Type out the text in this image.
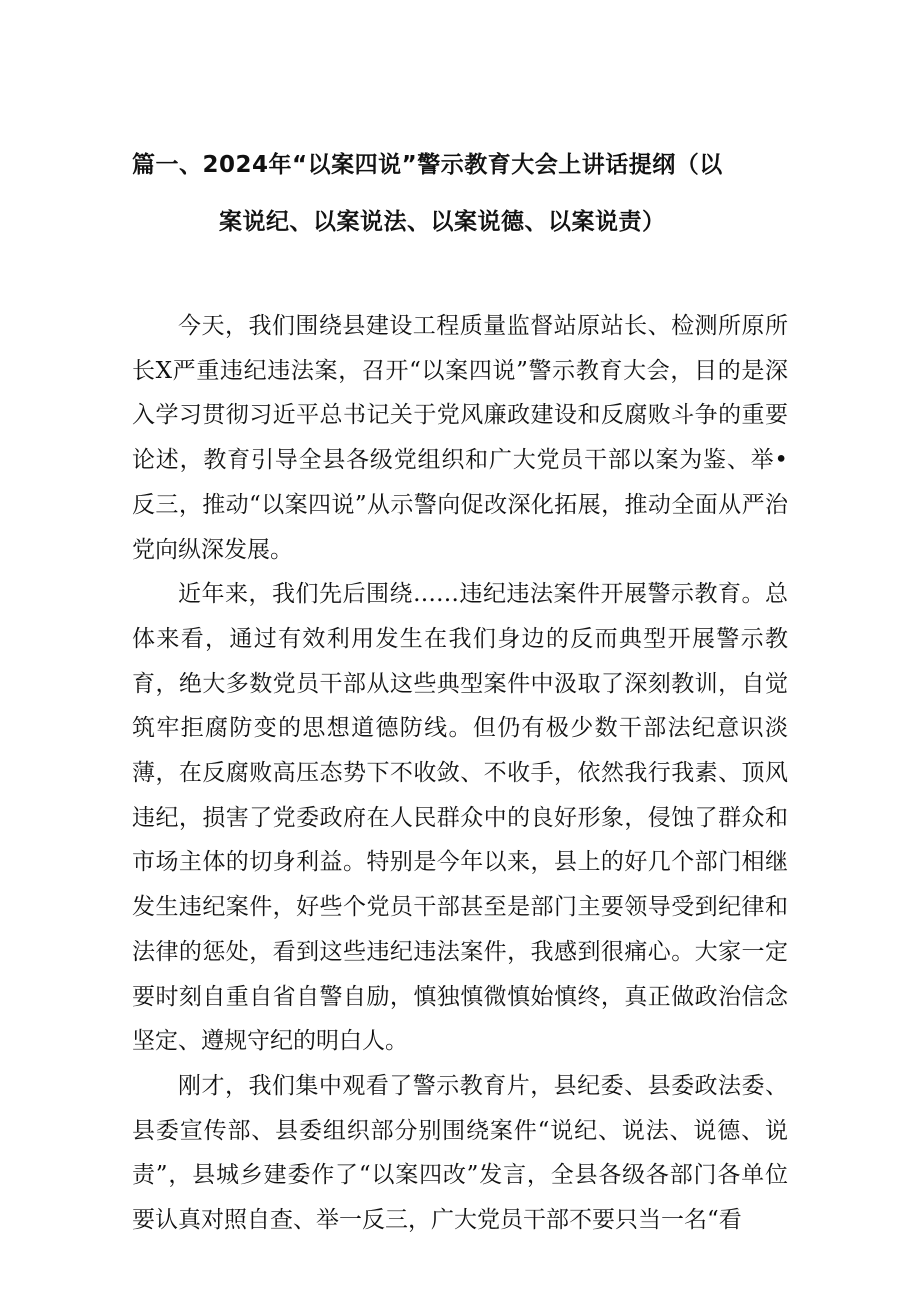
篇一、2024年“以案四说”警示教育大会上讲话提纲（以
案说纪、以案说法、以案说德、以案说责）

今天，我们围绕县建设工程质量监督站原站长、检测所原所长X严重违纪违法案，召开“以案四说”警示教育大会，目的是深入学习贯彻习近平总书记关于党风廉政建设和反腐败斗争的重要论述，教育引导全县各级党组织和广大党员干部以案为鉴、举•反三，推动“以案四说”从示警向促改深化拓展，推动全面从严治党向纵深发展。

近年来，我们先后围绕……违纪违法案件开展警示教育。总体来看，通过有效利用发生在我们身边的反而典型开展警示教育，绝大多数党员干部从这些典型案件中汲取了深刻教训，自觉筑牢拒腐防变的思想道德防线。但仍有极少数干部法纪意识淡薄，在反腐败高压态势下不收敛、不收手，依然我行我素、顶风违纪，损害了党委政府在人民群众中的良好形象，侵蚀了群众和市场主体的切身利益。特别是今年以来，县上的好几个部门相继发生违纪案件，好些个党员干部甚至是部门主要领导受到纪律和法律的惩处，看到这些违纪违法案件，我感到很痛心。大家一定要时刻自重自省自警自励，慎独慎微慎始慎终，真正做政治信念坚定、遵规守纪的明白人。

刚才，我们集中观看了警示教育片，县纪委、县委政法委、县委宣传部、县委组织部分别围绕案件“说纪、说法、说德、说责”，县城乡建委作了“以案四改”发言，全县各级各部门各单位要认真对照自查、举一反三，广大党员干部不要只当一名“看
